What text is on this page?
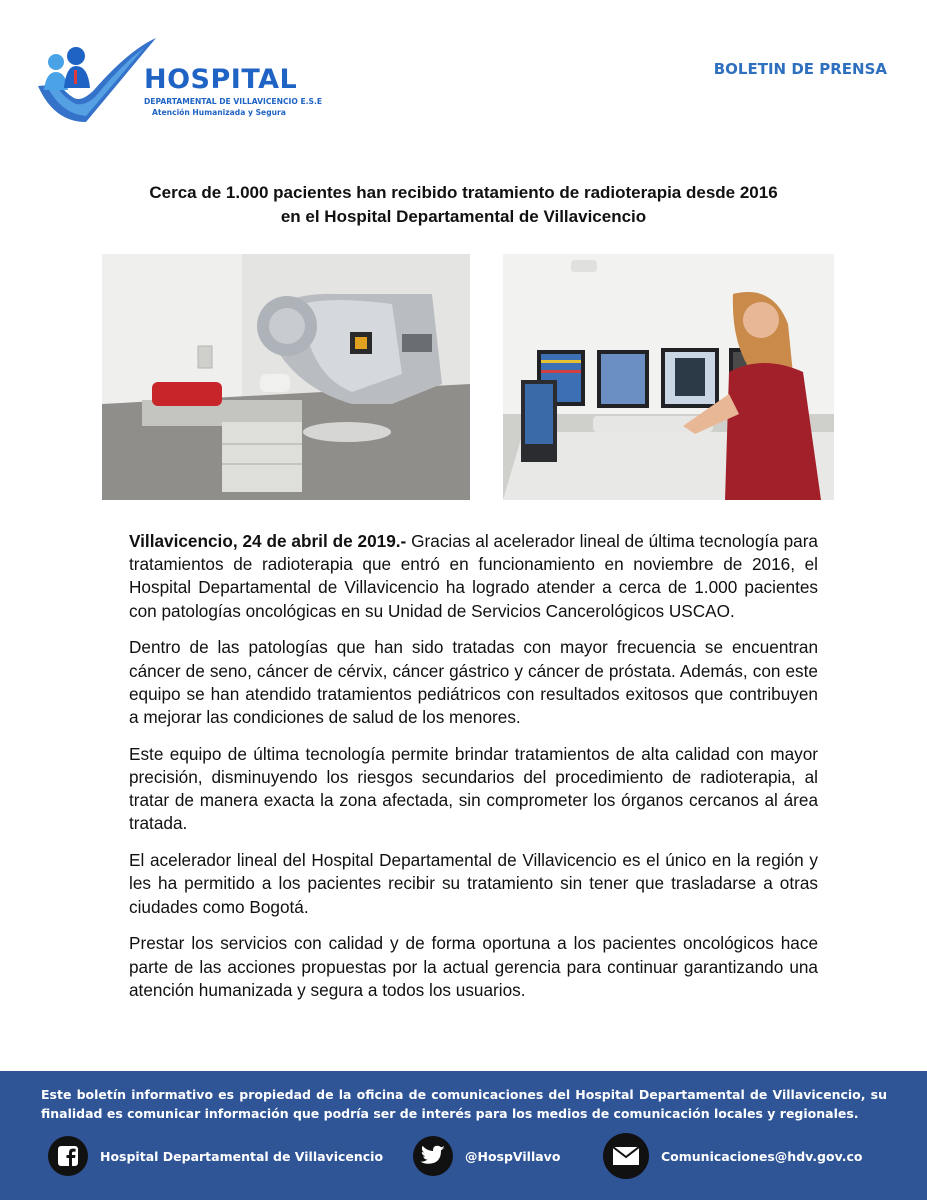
HOSPITAL
DEPARTAMENTAL DE VILLAVICENCIO E.S.E
Atención Humanizada y Segura
BOLETIN DE PRENSA
Cerca de 1.000 pacientes han recibido tratamiento de radioterapia desde 2016
en el Hospital Departamental de Villavicencio

Villavicencio, 24 de abril de 2019.- Gracias al acelerador lineal de última tecnología para tratamientos de radioterapia que entró en funcionamiento en noviembre de 2016, el Hospital Departamental de Villavicencio ha logrado atender a cerca de 1.000 pacientes con patologías oncológicas en su Unidad de Servicios Cancerológicos USCAO.

Dentro de las patologías que han sido tratadas con mayor frecuencia se encuentran cáncer de seno, cáncer de cérvix, cáncer gástrico y cáncer de próstata. Además, con este equipo se han atendido tratamientos pediátricos con resultados exitosos que contribuyen a mejorar las condiciones de salud de los menores.

Este equipo de última tecnología permite brindar tratamientos de alta calidad con mayor precisión, disminuyendo los riesgos secundarios del procedimiento de radioterapia, al tratar de manera exacta la zona afectada, sin comprometer los órganos cercanos al área tratada.

El acelerador lineal del Hospital Departamental de Villavicencio es el único en la región y les ha permitido a los pacientes recibir su tratamiento sin tener que trasladarse a otras ciudades como Bogotá.

Prestar los servicios con calidad y de forma oportuna a los pacientes oncológicos hace parte de las acciones propuestas por la actual gerencia para continuar garantizando una atención humanizada y segura a todos los usuarios.

Este boletín informativo es propiedad de la oficina de comunicaciones del Hospital Departamental de Villavicencio, su finalidad es comunicar información que podría ser de interés para los medios de comunicación locales y regionales.
Hospital Departamental de Villavicencio	@HospVillavo	Comunicaciones@hdv.gov.co
